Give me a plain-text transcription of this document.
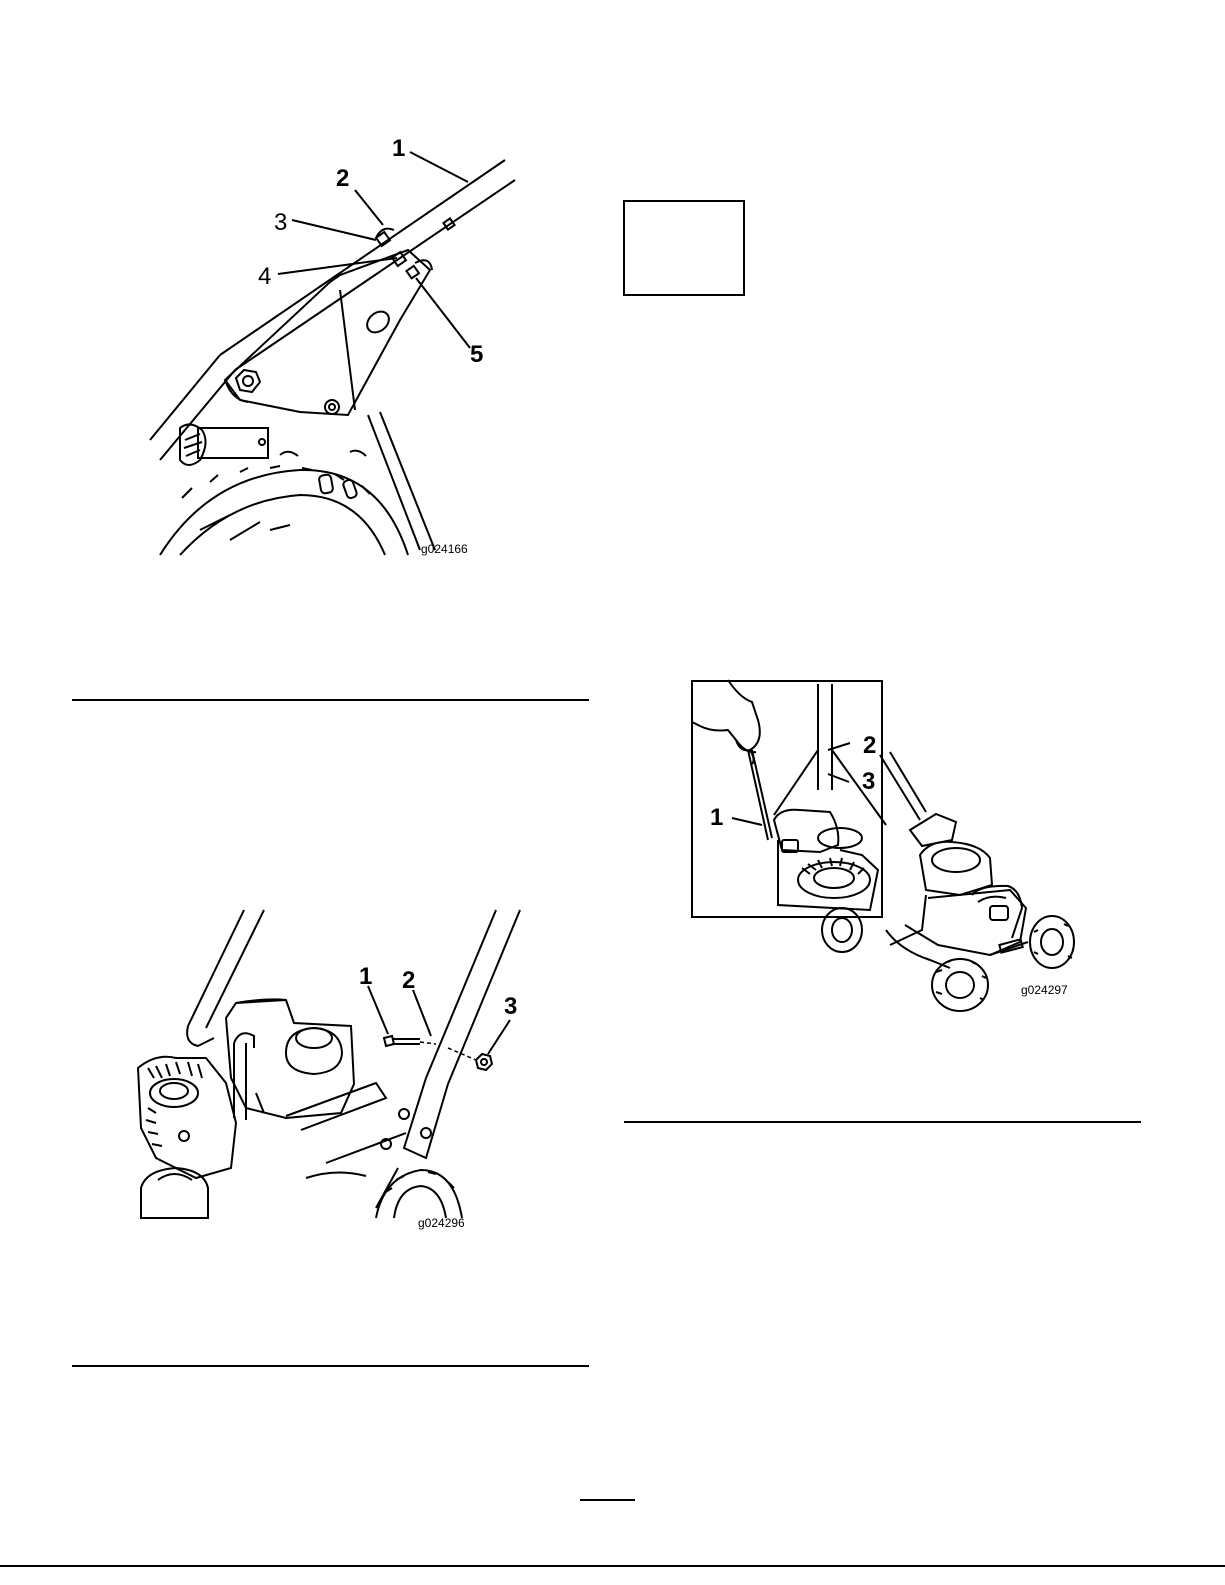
1
2
3
4
5
g024166
1 2
3
g024296
2
3
1
g024297
